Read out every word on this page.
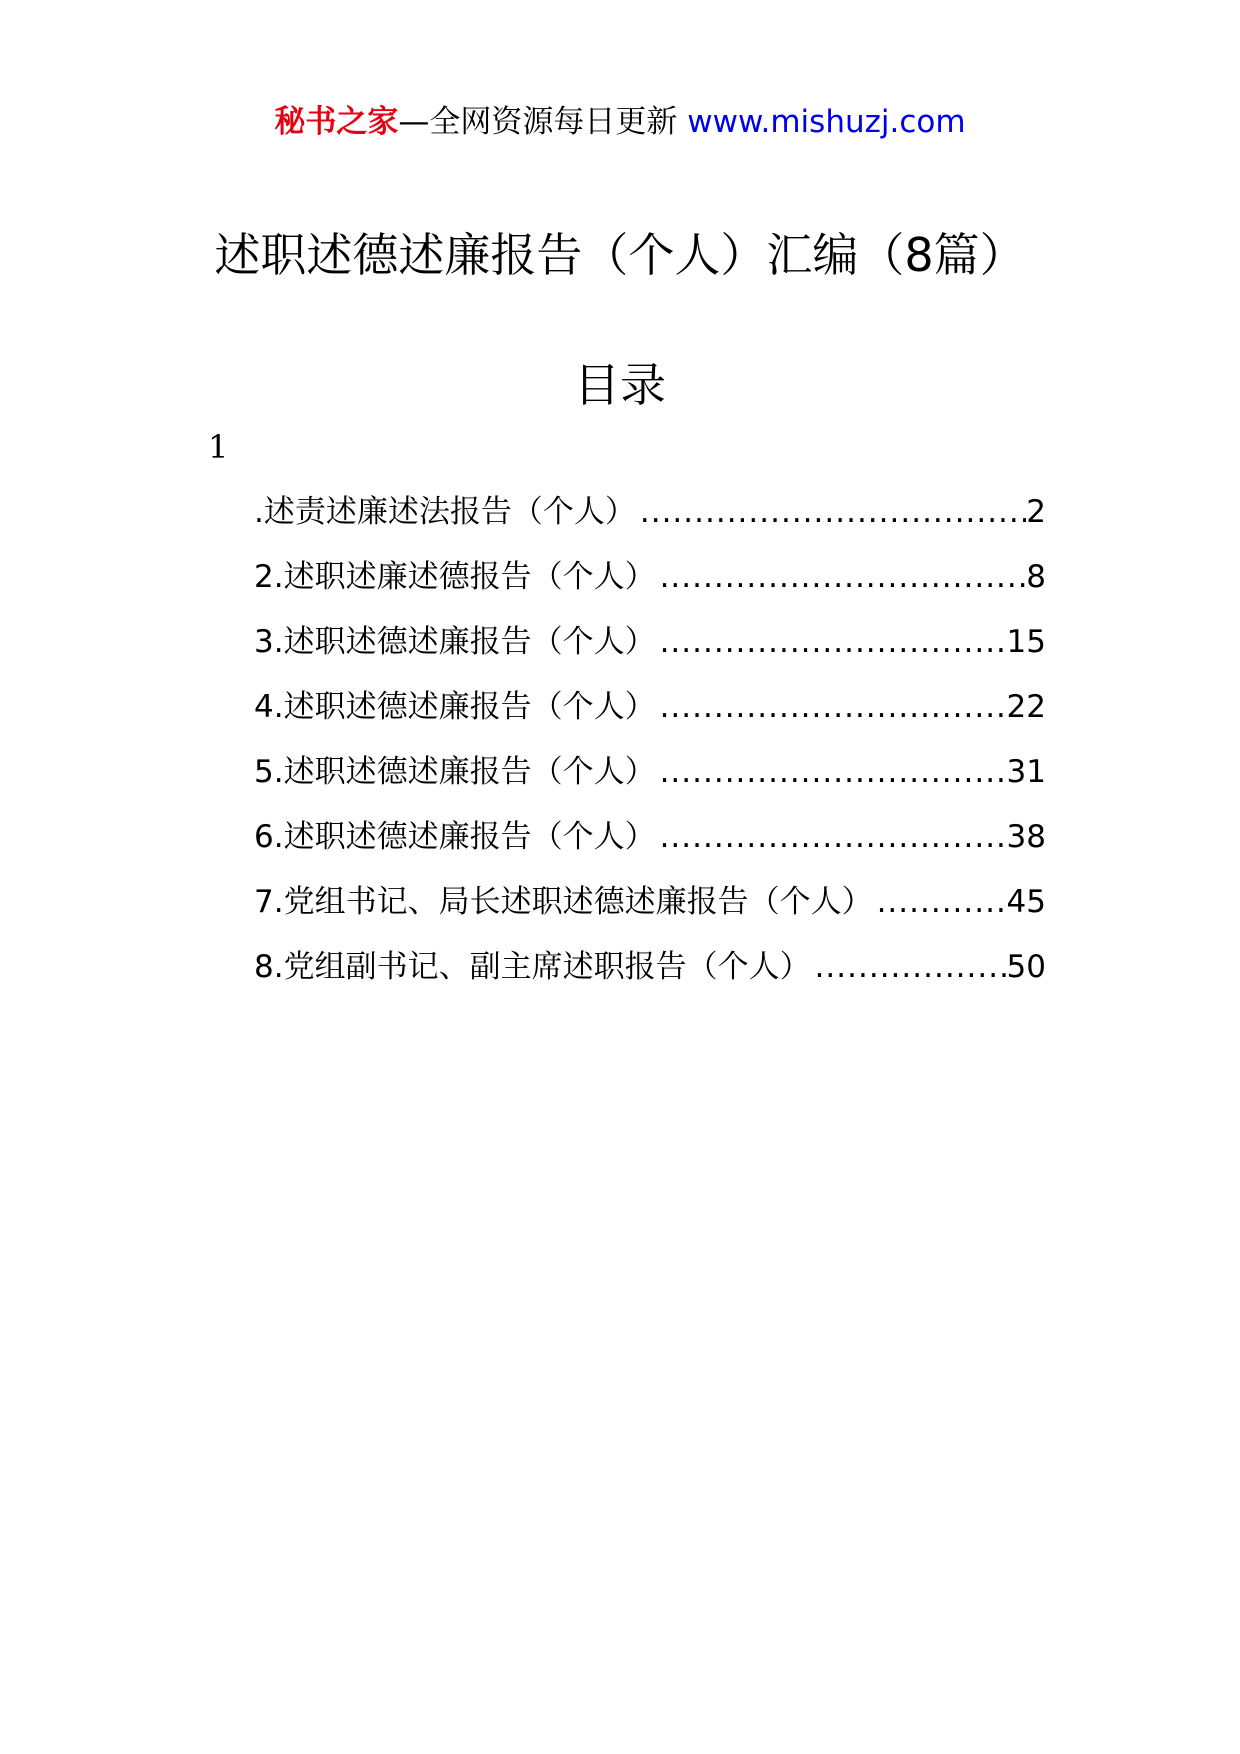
秘书之家—全网资源每日更新 www.mishuzj.com
述职述德述廉报告（个人）汇编（8篇）
目录
1
.述责述廉述法报告（个人） .....	2
2.述职述廉述德报告（个人） .....	8
3.述职述德述廉报告（个人） .....	15
4.述职述德述廉报告（个人） .....	22
5.述职述德述廉报告（个人） .....	31
6.述职述德述廉报告（个人） .....	38
7.党组书记、局长述职述德述廉报告（个人） .....	45
8.党组副书记、副主席述职报告（个人） .....	50
